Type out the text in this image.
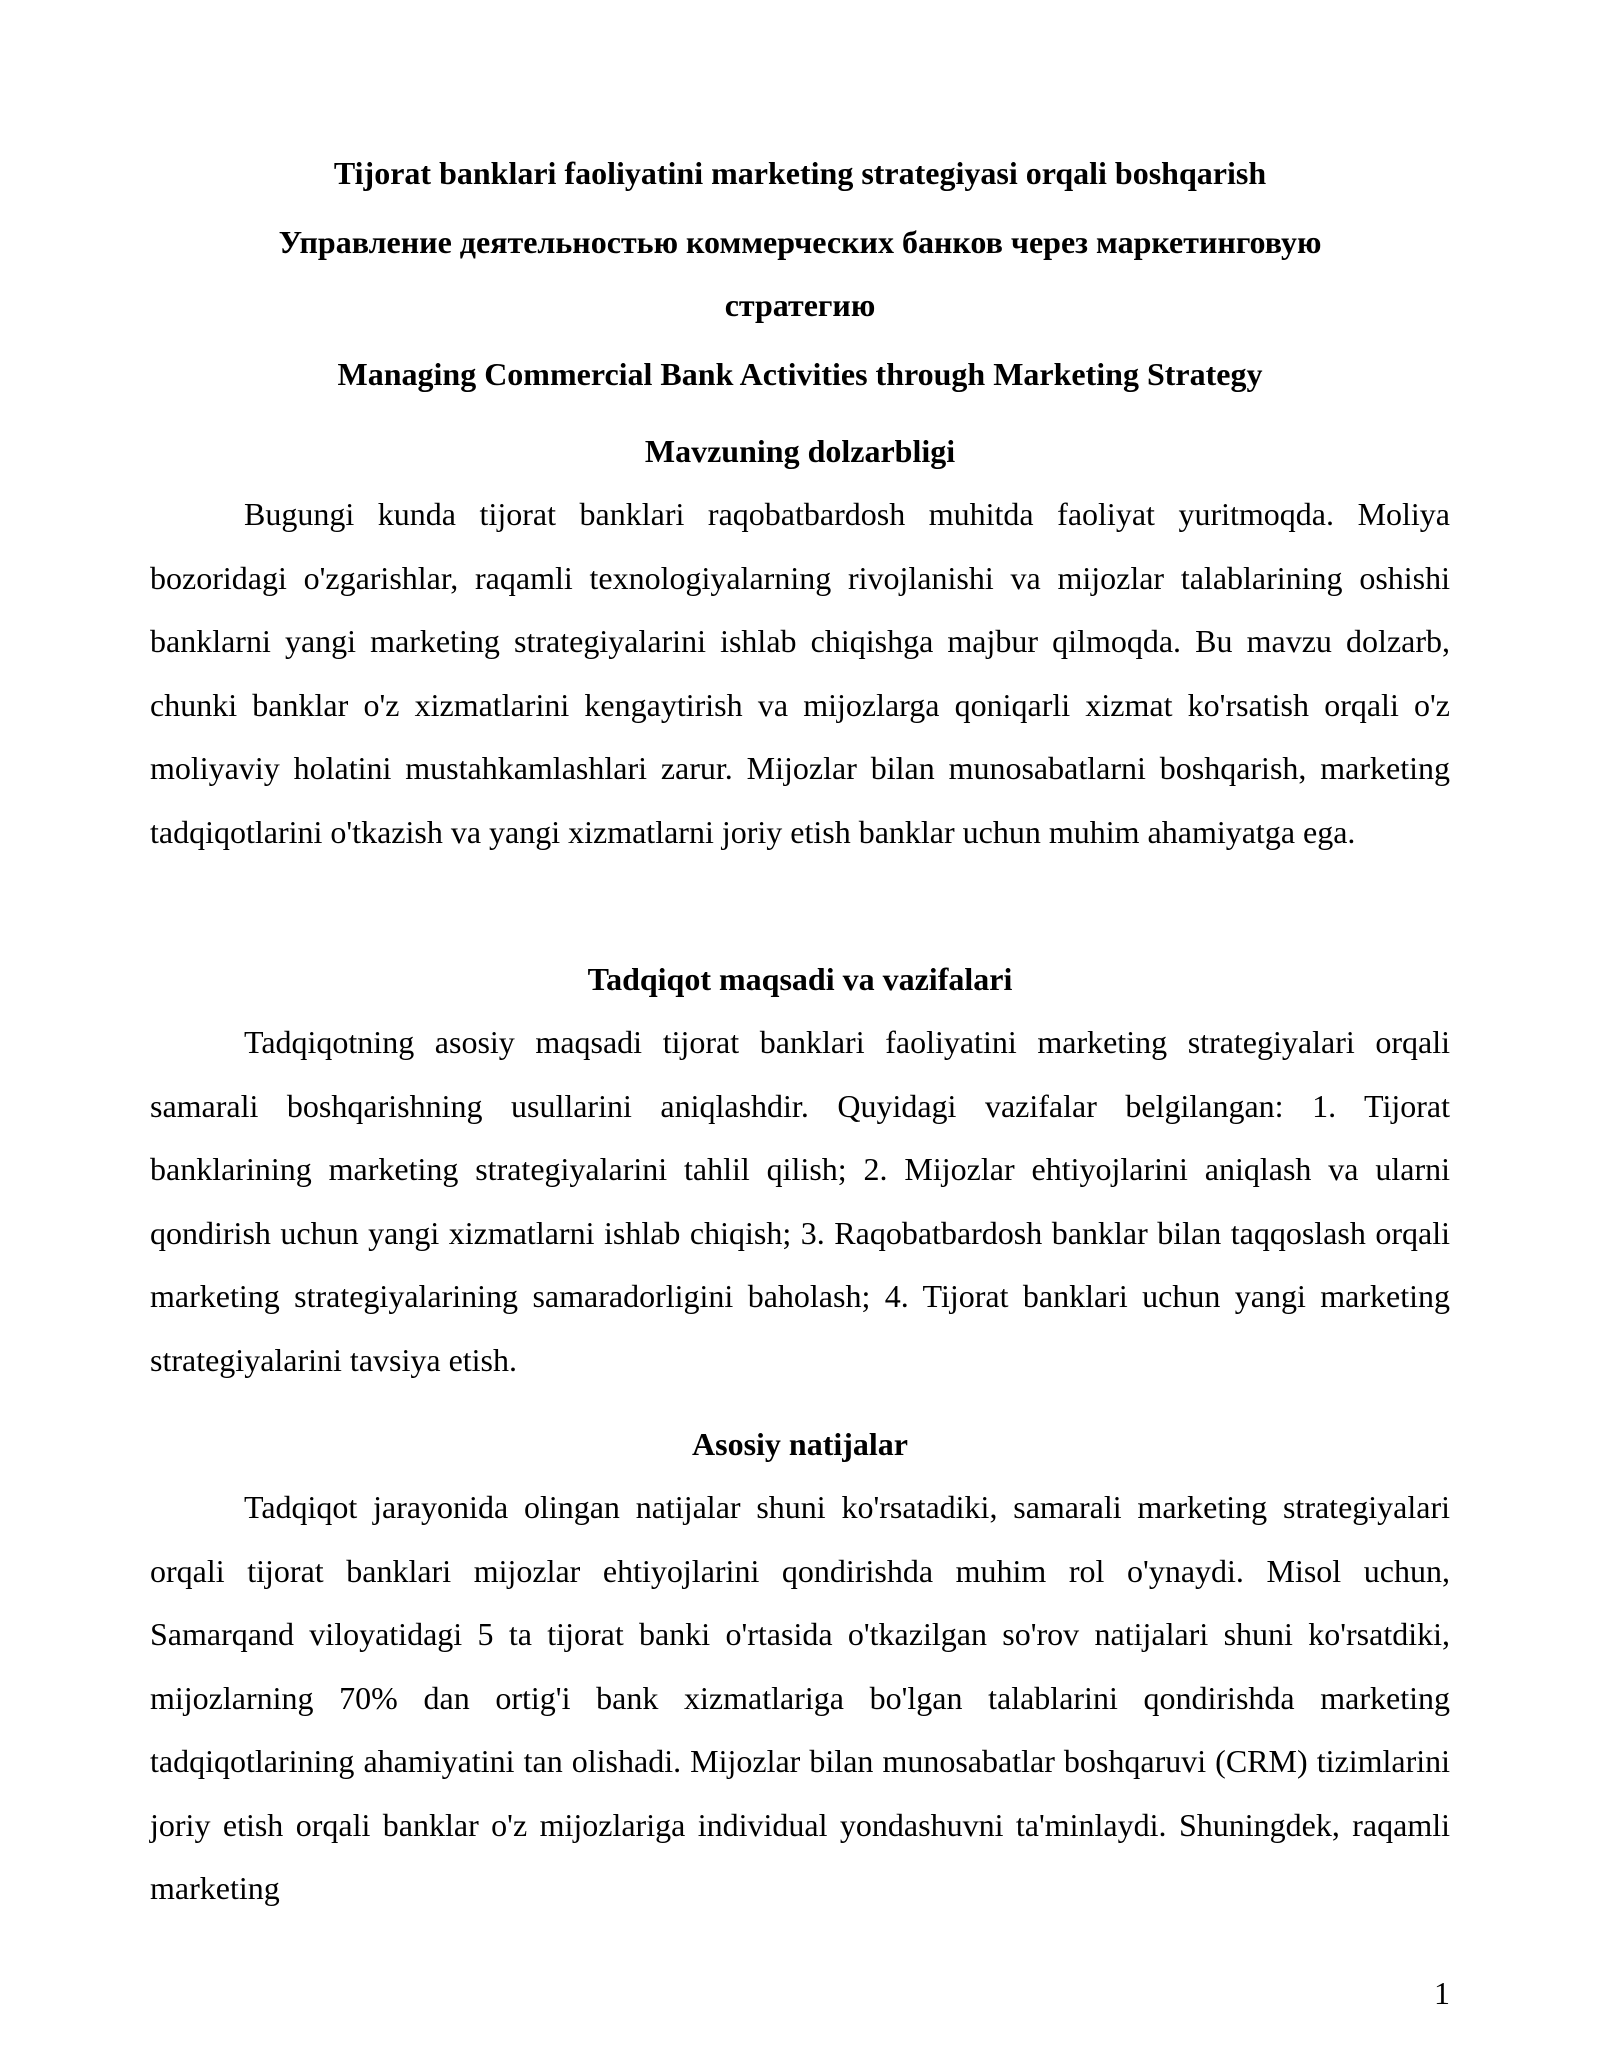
Tijorat banklari faoliyatini marketing strategiyasi orqali boshqarish
Управление деятельностью коммерческих банков через маркетинговую
стратегию
Managing Commercial Bank Activities through Marketing Strategy
Mavzuning dolzarbligi

Bugungi kunda tijorat banklari raqobatbardosh muhitda faoliyat yuritmoqda. Moliya bozoridagi o'zgarishlar, raqamli texnologiyalarning rivojlanishi va mijozlar talablarining oshishi banklarni yangi marketing strategiyalarini ishlab chiqishga majbur qilmoqda. Bu mavzu dolzarb, chunki banklar o'z xizmatlarini kengaytirish va mijozlarga qoniqarli xizmat ko'rsatish orqali o'z moliyaviy holatini mustahkamlashlari zarur. Mijozlar bilan munosabatlarni boshqarish, marketing tadqiqotlarini o'tkazish va yangi xizmatlarni joriy etish banklar uchun muhim ahamiyatga ega.

Tadqiqot maqsadi va vazifalari

Tadqiqotning asosiy maqsadi tijorat banklari faoliyatini marketing strategiyalari orqali samarali boshqarishning usullarini aniqlashdir. Quyidagi vazifalar belgilangan: 1. Tijorat banklarining marketing strategiyalarini tahlil qilish; 2. Mijozlar ehtiyojlarini aniqlash va ularni qondirish uchun yangi xizmatlarni ishlab chiqish; 3. Raqobatbardosh banklar bilan taqqoslash orqali marketing strategiyalarining samaradorligini baholash; 4. Tijorat banklari uchun yangi marketing strategiyalarini tavsiya etish.

Asosiy natijalar

Tadqiqot jarayonida olingan natijalar shuni ko'rsatadiki, samarali marketing strategiyalari orqali tijorat banklari mijozlar ehtiyojlarini qondirishda muhim rol o'ynaydi. Misol uchun, Samarqand viloyatidagi 5 ta tijorat banki o'rtasida o'tkazilgan so'rov natijalari shuni ko'rsatdiki, mijozlarning 70% dan ortig'i bank xizmatlariga bo'lgan talablarini qondirishda marketing tadqiqotlarining ahamiyatini tan olishadi. Mijozlar bilan munosabatlar boshqaruvi (CRM) tizimlarini joriy etish orqali banklar o'z mijozlariga individual yondashuvni ta'minlaydi. Shuningdek, raqamli marketing

1
